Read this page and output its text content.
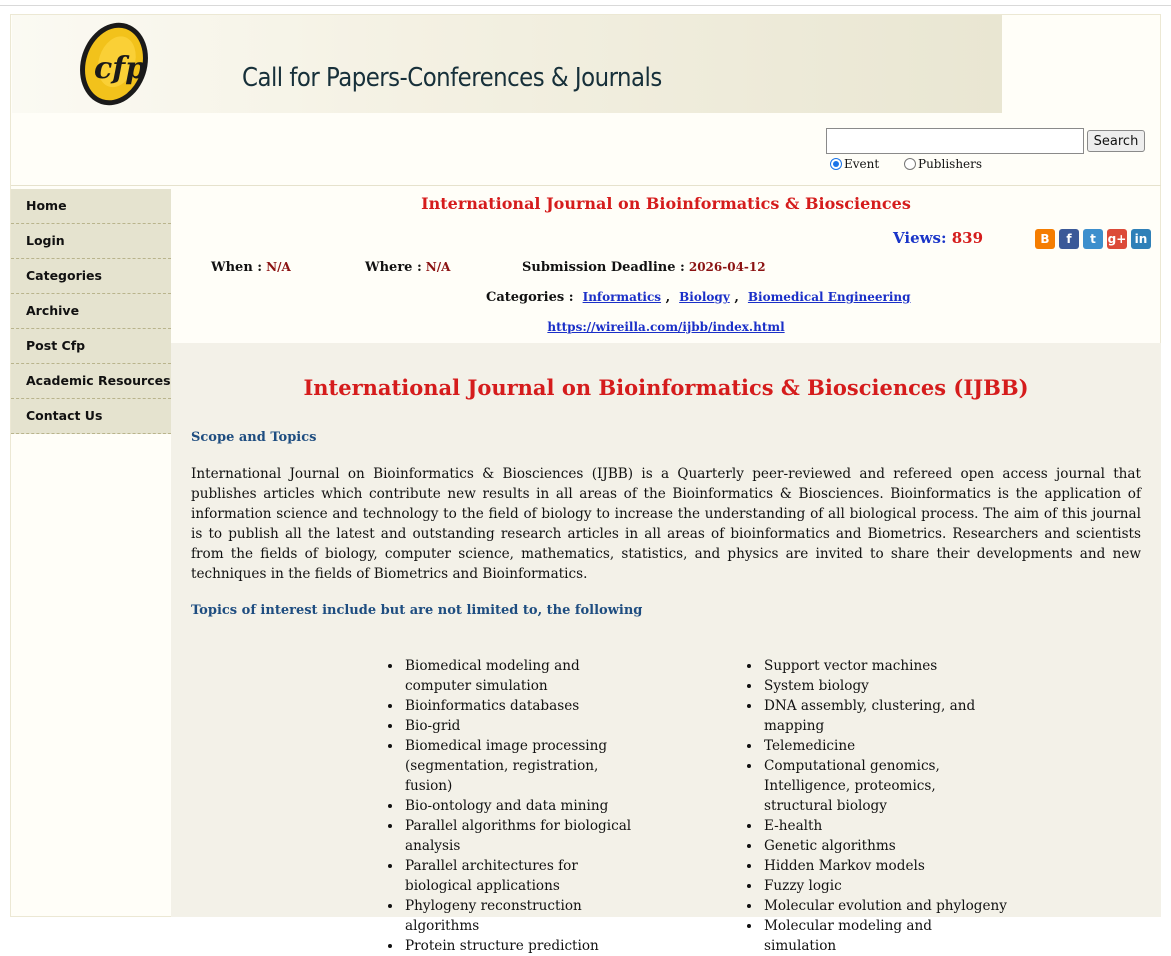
cfp	Call for Papers-Conferences & Journals
Search
Event	Publishers
Home
Login
Categories
Archive
Post Cfp
Academic Resources
Contact Us
International Journal on Bioinformatics & Biosciences
Views: 839	B	f	t g+ in
When : N/A	Where : N/A	Submission Deadline : 2026-04-12
Categories : Informatics ,  Biology ,  Biomedical Engineering
https://wireilla.com/ijbb/index.html
International Journal on Bioinformatics & Biosciences (IJBB)
Scope and Topics
International Journal on Bioinformatics & Biosciences (IJBB) is a Quarterly peer-reviewed and refereed open access journal that publishes articles which contribute new results in all areas of the Bioinformatics & Biosciences. Bioinformatics is the application of information science and technology to the field of biology to increase the understanding of all biological process. The aim of this journal is to publish all the latest and outstanding research articles in all areas of bioinformatics and Biometrics. Researchers and scientists from the fields of biology, computer science, mathematics, statistics, and physics are invited to share their developments and new techniques in the fields of Biometrics and Bioinformatics.
Topics of interest include but are not limited to, the following
• Biomedical modeling and computer simulation
• Bioinformatics databases
• Bio-grid
• Biomedical image processing (segmentation, registration, fusion)
• Bio-ontology and data mining
• Parallel algorithms for biological analysis
• Parallel architectures for biological applications
• Phylogeny reconstruction algorithms
• Protein structure prediction
• Support vector machines
• System biology
• DNA assembly, clustering, and mapping
• Telemedicine
• Computational genomics, Intelligence, proteomics, structural biology
• E-health
• Genetic algorithms
• Hidden Markov models
• Fuzzy logic
• Molecular evolution and phylogeny
• Molecular modeling and simulation
